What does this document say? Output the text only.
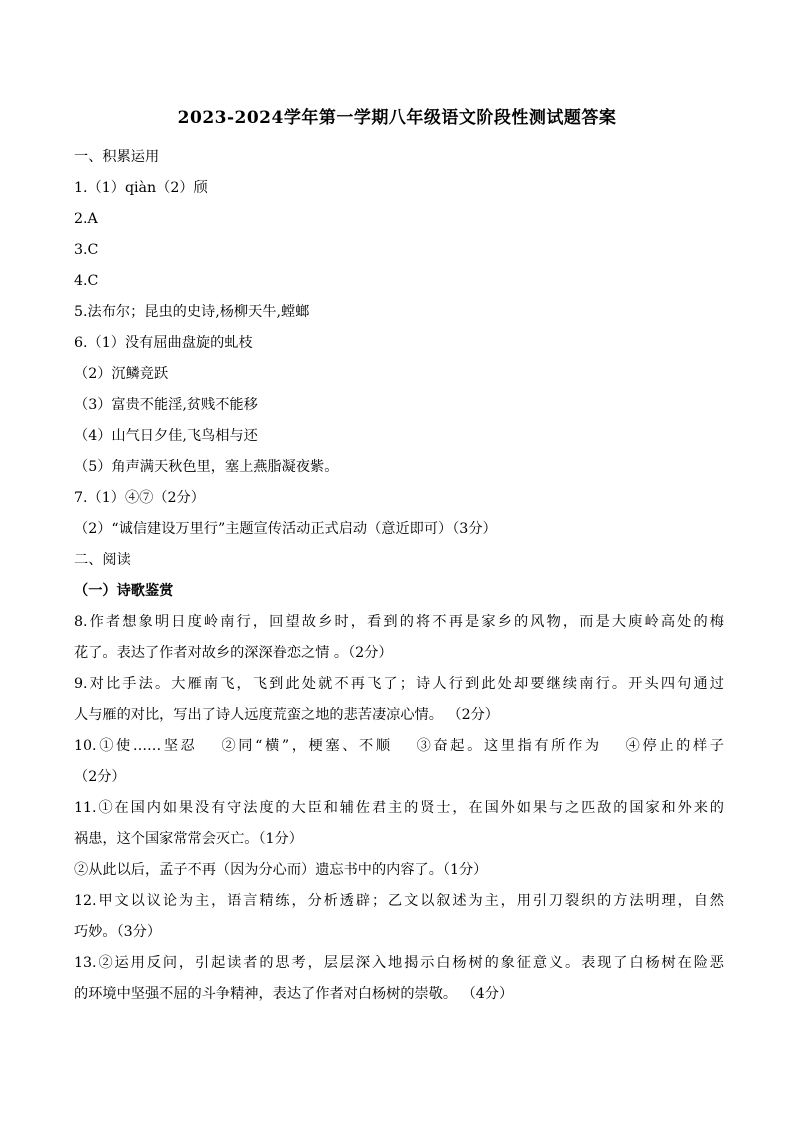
2023-2024学年第一学期八年级语文阶段性测试题答案
一、积累运用
1.（1）qiàn（2）颀
2.A
3.C
4.C
5.法布尔；昆虫的史诗,杨柳天牛,螳螂
6.（1）没有屈曲盘旋的虬枝
（2）沉鳞竞跃
（3）富贵不能淫,贫贱不能移
（4）山气日夕佳,飞鸟相与还
（5）角声满天秋色里，塞上燕脂凝夜紫。
7.（1）④⑦（2分）
（2）“诚信建设万里行”主题宣传活动正式启动（意近即可）（3分）
二、阅读
（一）诗歌鉴赏
8.作者想象明日度岭南行，回望故乡时，看到的将不再是家乡的风物，而是大庾岭高处的梅
花了。表达了作者对故乡的深深眷恋之情 。（2分）
9.对比手法。大雁南飞，飞到此处就不再飞了；诗人行到此处却要继续南行。开头四句通过
人与雁的对比，写出了诗人远度荒蛮之地的悲苦凄凉心情。 （2分）
10.①使……坚忍　 ②同“横”，梗塞、不顺　 ③奋起。这里指有所作为　 ④停止的样子
（2分）
11.①在国内如果没有守法度的大臣和辅佐君主的贤士，在国外如果与之匹敌的国家和外来的
祸患，这个国家常常会灭亡。（1分）
②从此以后，孟子不再（因为分心而）遗忘书中的内容了。（1分）
12.甲文以议论为主，语言精练，分析透辟；乙文以叙述为主，用引刀裂织的方法明理，自然
巧妙。（3分）
13.②运用反问，引起读者的思考，层层深入地揭示白杨树的象征意义。表现了白杨树在险恶
的环境中坚强不屈的斗争精神，表达了作者对白杨树的崇敬。 （4分）
